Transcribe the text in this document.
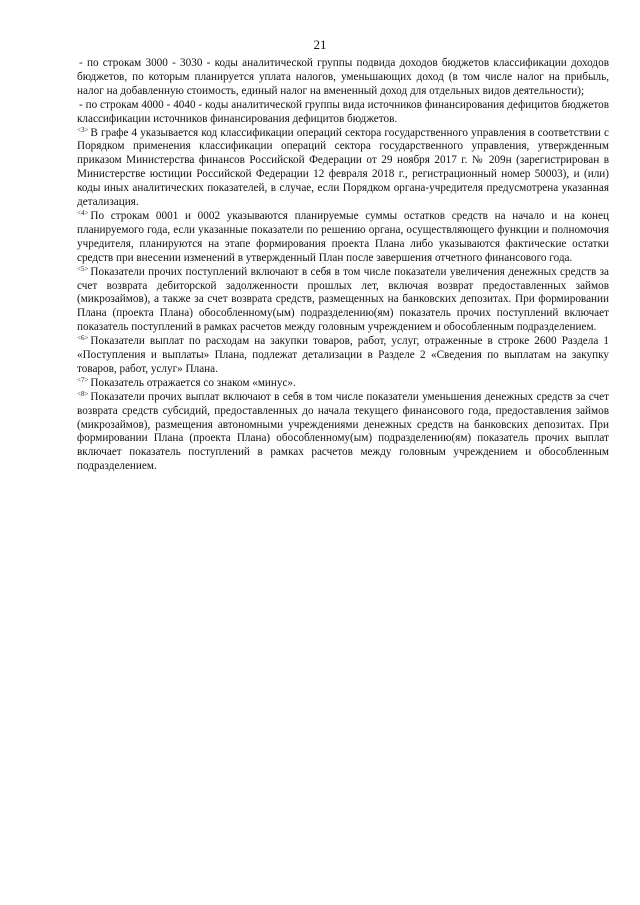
21

- по строкам 3000 - 3030 - коды аналитической группы подвида доходов бюджетов классификации доходов бюджетов, по которым планируется уплата налогов, уменьшающих доход (в том числе налог на прибыль, налог на добавленную стоимость, единый налог на вмененный доход для отдельных видов деятельности);

- по строкам 4000 - 4040 - коды аналитической группы вида источников финансирования дефицитов бюджетов классификации источников финансирования дефицитов бюджетов.

$^{<3>}$ В графе 4 указывается код классификации операций сектора государственного управления в соответствии с Порядком применения классификации операций сектора государственного управления, утвержденным приказом Министерства финансов Российской Федерации от 29 ноября 2017 г. № 209н (зарегистрирован в Министерстве юстиции Российской Федерации 12 февраля 2018 г., регистрационный номер 50003), и (или) коды иных аналитических показателей, в случае, если Порядком органа-учредителя предусмотрена указанная детализация.

$^{<4>}$ По строкам 0001 и 0002 указываются планируемые суммы остатков средств на начало и на конец планируемого года, если указанные показатели по решению органа, осуществляющего функции и полномочия учредителя, планируются на этапе формирования проекта Плана либо указываются фактические остатки средств при внесении изменений в утвержденный План после завершения отчетного финансового года.

$^{<5>}$ Показатели прочих поступлений включают в себя в том числе показатели увеличения денежных средств за счет возврата дебиторской задолженности прошлых лет, включая возврат предоставленных займов (микрозаймов), а также за счет возврата средств, размещенных на банковских депозитах. При формировании Плана (проекта Плана) обособленному(ым) подразделению(ям) показатель прочих поступлений включает показатель поступлений в рамках расчетов между головным учреждением и обособленным подразделением.

$^{<6>}$ Показатели выплат по расходам на закупки товаров, работ, услуг, отраженные в строке 2600 Раздела 1 «Поступления и выплаты» Плана, подлежат детализации в Разделе 2 «Сведения по выплатам на закупку товаров, работ, услуг» Плана.

$^{<7>}$ Показатель отражается со знаком «минус».

$^{<8>}$ Показатели прочих выплат включают в себя в том числе показатели уменьшения денежных средств за счет возврата средств субсидий, предоставленных до начала текущего финансового года, предоставления займов (микрозаймов), размещения автономными учреждениями денежных средств на банковских депозитах. При формировании Плана (проекта Плана) обособленному(ым) подразделению(ям) показатель прочих выплат включает показатель поступлений в рамках расчетов между головным учреждением и обособленным подразделением.
